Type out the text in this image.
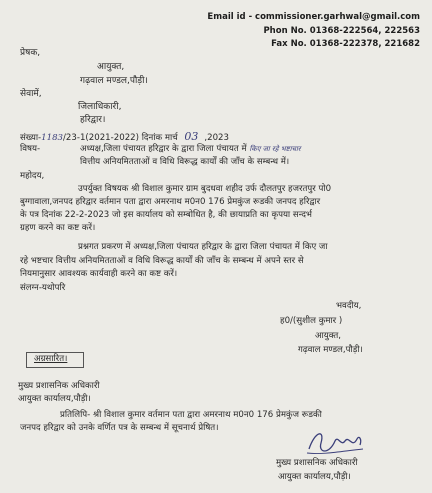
Email id - commissioner.garhwal@gmail.com
Phon No. 01368-222564, 222563
Fax No. 01368-222378, 221682
प्रेषक,
आयुक्त,
गढ़वाल मण्डल,पौड़ी।
सेवामें,
जिलाधिकारी,
हरिद्वार।
संख्या-1183/23-1(2021-2022) दिनांक मार्च 03 ,2023
विषय-	अध्यक्ष,जिला पंचायत हरिद्वार के द्वारा जिला पंचायत में किए जा रहे भष्टाचार
वित्तीय अनियमितताओं व विधि विरूद्ध कार्यों की जाँच के सम्बन्ध में।
महोदय,
उपर्युक्त विषयक श्री विशाल कुमार ग्राम बुदधवा शहीद उर्फ दौलतपुर हजरतपुर पो0
बुग्गावाला,जनपद हरिद्वार वर्तमान पता द्वारा अमरनाथ म0न0 176 प्रेमकुंज रूडकी जनपद हरिद्वार
के पत्र दिनांक 22-2-2023 जो इस कार्यालय को सम्बोधित है, की छायाप्रति का कृपया सन्दर्भ
ग्रहण करने का कष्ट करें।
प्रश्नगत प्रकरण में अध्यक्ष,जिला पंचायत हरिद्वार के द्वारा जिला पंचायत में किए जा
रहे भष्टचार वित्तीय अनियमितताओं व विधि विरूद्ध कार्यों की जाँच के सम्बन्ध में अपने स्तर से
नियमानुसार आवश्यक कार्यवाही करने का कष्ट करें।
संलग्न-यथोपरि
भवदीय,
ह0/(सुशील कुमार )
आयुक्त,
गढ़वाल मण्डल,पौड़ी।
अग्रसारित।
मुख्य प्रशासनिक अधिकारी
आयुक्त कार्यालय,पौड़ी।
प्रतिलिपि- श्री विशाल कुमार वर्तमान पता द्वारा अमरनाथ म0न0 176 प्रेमकुंज रूडकी
जनपद हरिद्वार को उनके वर्णित पत्र के सम्बन्ध में सूचनार्थ प्रेषित।
मुख्य प्रशासनिक अधिकारी
आयुक्त कार्यालय,पौड़ी।
